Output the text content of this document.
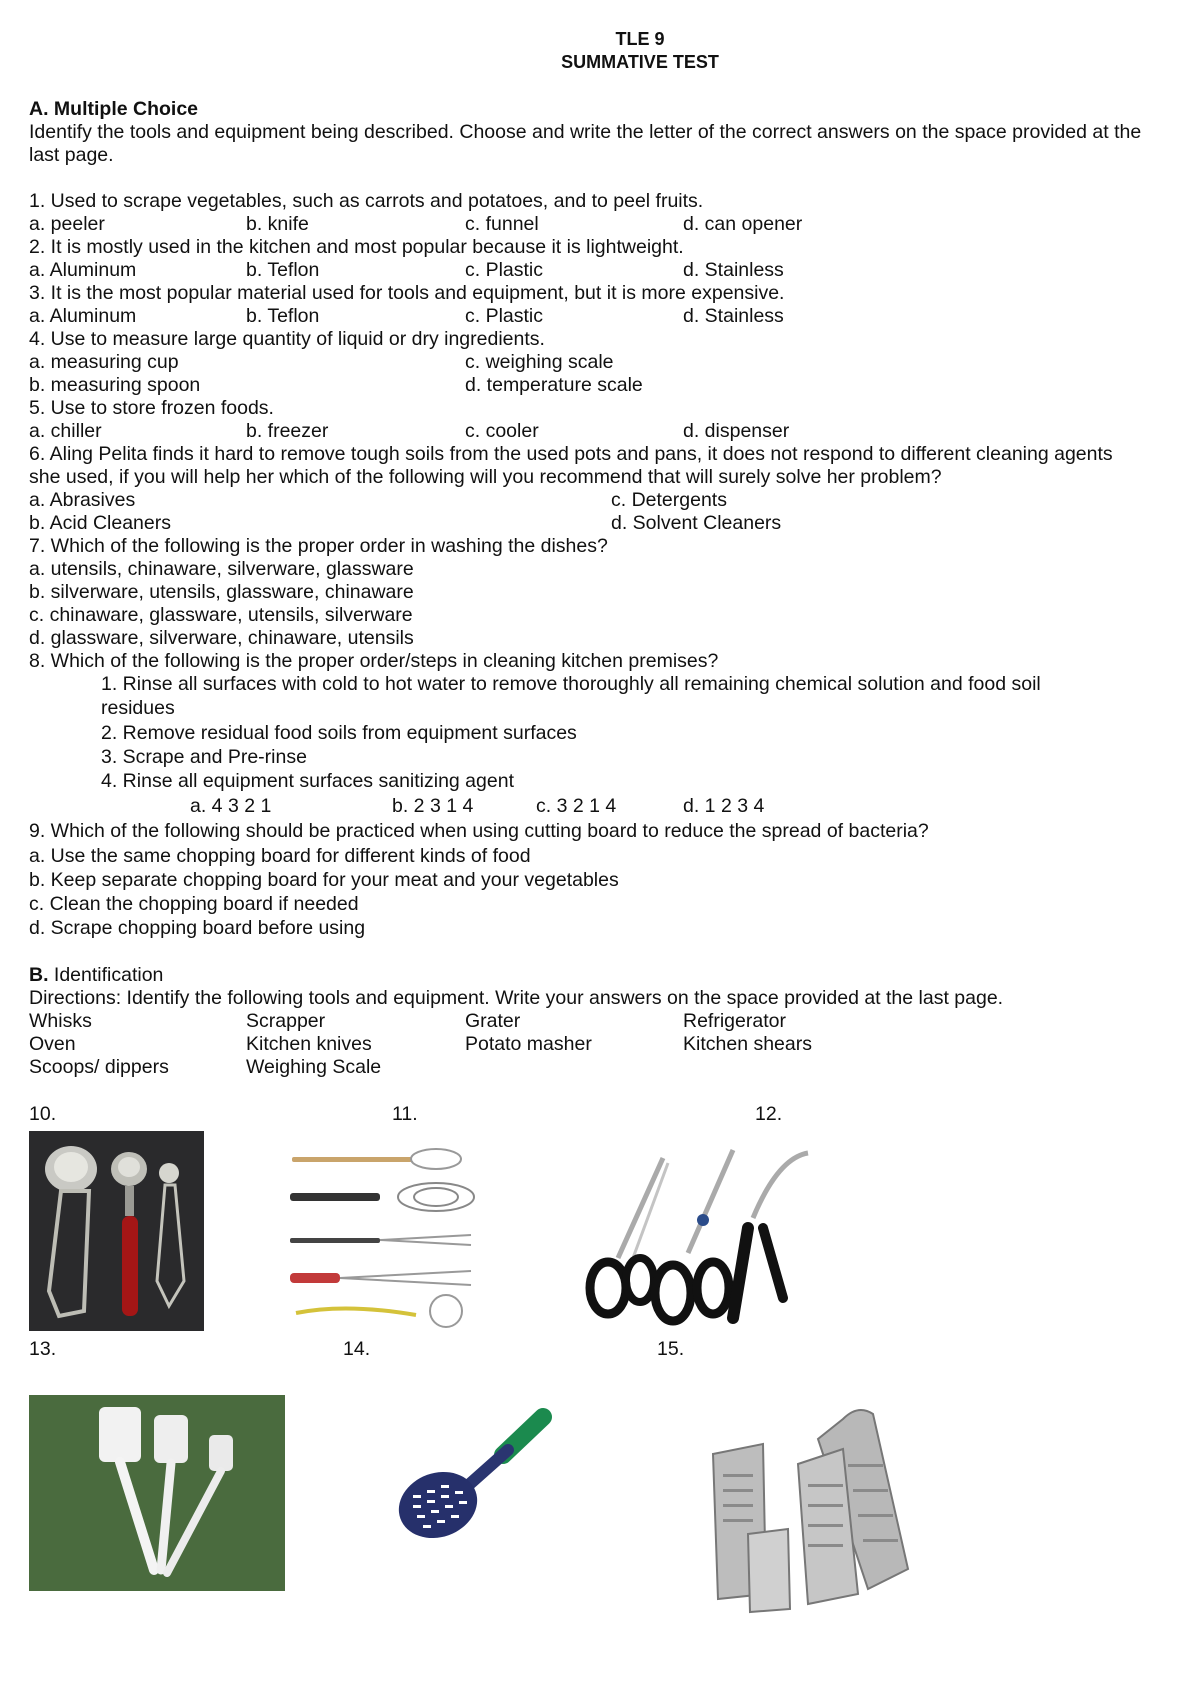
TLE 9
SUMMATIVE TEST
A. Multiple Choice
Identify the tools and equipment being described. Choose and write the letter of the correct answers on the space provided at the
last page.
1. Used to scrape vegetables, such as carrots and potatoes, and to peel fruits.
a. peeler	b. knife	c. funnel	d. can opener
2. It is mostly used in the kitchen and most popular because it is lightweight.
a. Aluminum	b. Teflon	c. Plastic	d. Stainless
3. It is the most popular material used for tools and equipment, but it is more expensive.
a. Aluminum	b. Teflon	c. Plastic	d. Stainless
4. Use to measure large quantity of liquid or dry ingredients.
a. measuring cup	c. weighing scale
b. measuring spoon	d. temperature scale
5. Use to store frozen foods.
a. chiller	b. freezer	c. cooler	d. dispenser
6. Aling Pelita finds it hard to remove tough soils from the used pots and pans, it does not respond to different cleaning agents
she used, if you will help her which of the following will you recommend that will surely solve her problem?
a. Abrasives	c. Detergents
b. Acid Cleaners	d. Solvent Cleaners
7. Which of the following is the proper order in washing the dishes?
a. utensils, chinaware, silverware, glassware
b. silverware, utensils, glassware, chinaware
c. chinaware, glassware, utensils, silverware
d. glassware, silverware, chinaware, utensils
8. Which of the following is the proper order/steps in cleaning kitchen premises?
1. Rinse all surfaces with cold to hot water to remove thoroughly all remaining chemical solution and food soil
residues
2. Remove residual food soils from equipment surfaces
3. Scrape and Pre-rinse
4. Rinse all equipment surfaces sanitizing agent
a. 4 3 2 1	b. 2 3 1 4	c. 3 2 1 4	d. 1 2 3 4
9. Which of the following should be practiced when using cutting board to reduce the spread of bacteria?
a. Use the same chopping board for different kinds of food
b. Keep separate chopping board for your meat and your vegetables
c. Clean the chopping board if needed
d. Scrape chopping board before using
B. Identification
Directions: Identify the following tools and equipment. Write your answers on the space provided at the last page.
Whisks	Scrapper	Grater	Refrigerator
Oven	Kitchen knives	Potato masher	Kitchen shears
Scoops/ dippers	Weighing Scale
10.	11.	12.
13.	14.	15.
